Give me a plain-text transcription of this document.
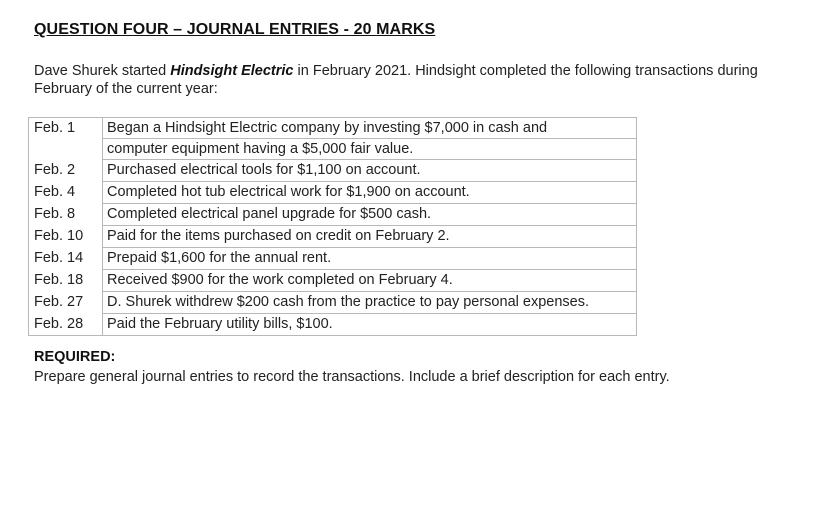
QUESTION FOUR – JOURNAL ENTRIES - 20 MARKS
Dave Shurek started Hindsight Electric in February 2021. Hindsight completed the following transactions during February of the current year:
Feb. 1	Began a Hindsight Electric company by investing $7,000 in cash and
computer equipment having a $5,000 fair value.

Feb. 2	Purchased electrical tools for $1,100 on account.
Feb. 4	Completed hot tub electrical work for $1,900 on account.
Feb. 8	Completed electrical panel upgrade for $500 cash.
Feb. 10	Paid for the items purchased on credit on February 2.
Feb. 14	Prepaid $1,600 for the annual rent.
Feb. 18	Received $900 for the work completed on February 4.
Feb. 27	D. Shurek withdrew $200 cash from the practice to pay personal expenses.
Feb. 28	Paid the February utility bills, $100.
REQUIRED:
Prepare general journal entries to record the transactions. Include a brief description for each entry.
